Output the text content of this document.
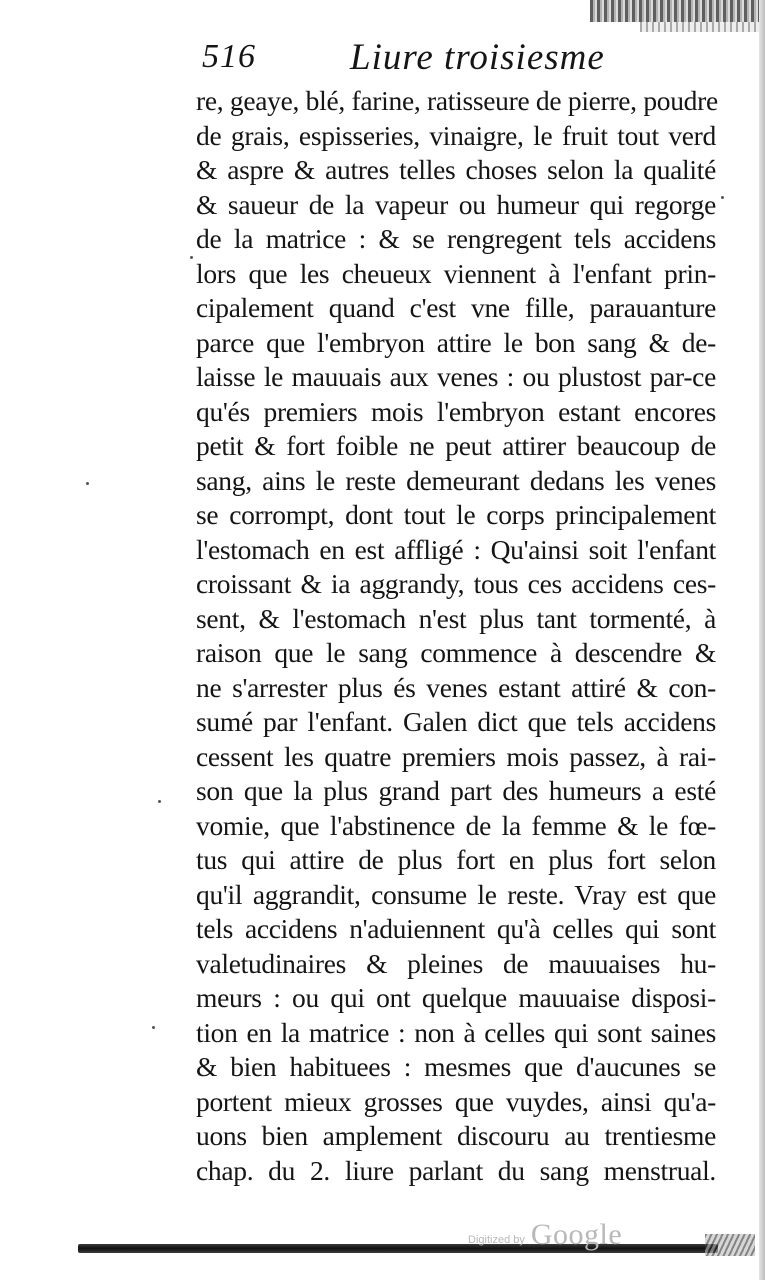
516	Liure troisiesme
re, geaye, blé, farine, ratisseure de pierre, poudre
de grais, espisseries, vinaigre, le fruit tout verd
& aspre & autres telles choses selon la qualité
& saueur de la vapeur ou humeur qui regorge
de la matrice : & se rengregent tels accidens
lors que les cheueux viennent à l'enfant prin-
cipalement quand c'est vne fille, parauanture
parce que l'embryon attire le bon sang & de-
laisse le mauuais aux venes : ou plustost par-ce
qu'és premiers mois l'embryon estant encores
petit & fort foible ne peut attirer beaucoup de
sang, ains le reste demeurant dedans les venes
se corrompt, dont tout le corps principalement
l'estomach en est affligé : Qu'ainsi soit l'enfant
croissant & ia aggrandy, tous ces accidens ces-
sent, & l'estomach n'est plus tant tormenté, à
raison que le sang commence à descendre &
ne s'arrester plus és venes estant attiré & con-
sumé par l'enfant. Galen dict que tels accidens
cessent les quatre premiers mois passez, à rai-
son que la plus grand part des humeurs a esté
vomie, que l'abstinence de la femme & le fœ-
tus qui attire de plus fort en plus fort selon
qu'il aggrandit, consume le reste. Vray est que
tels accidens n'aduiennent qu'à celles qui sont
valetudinaires & pleines de mauuaises hu-
meurs : ou qui ont quelque mauuaise disposi-
tion en la matrice : non à celles qui sont saines
& bien habituees : mesmes que d'aucunes se
portent mieux grosses que vuydes, ainsi qu'a-
uons bien amplement discouru au trentiesme
chap. du 2. liure parlant du sang menstrual.
Digitized by Google
